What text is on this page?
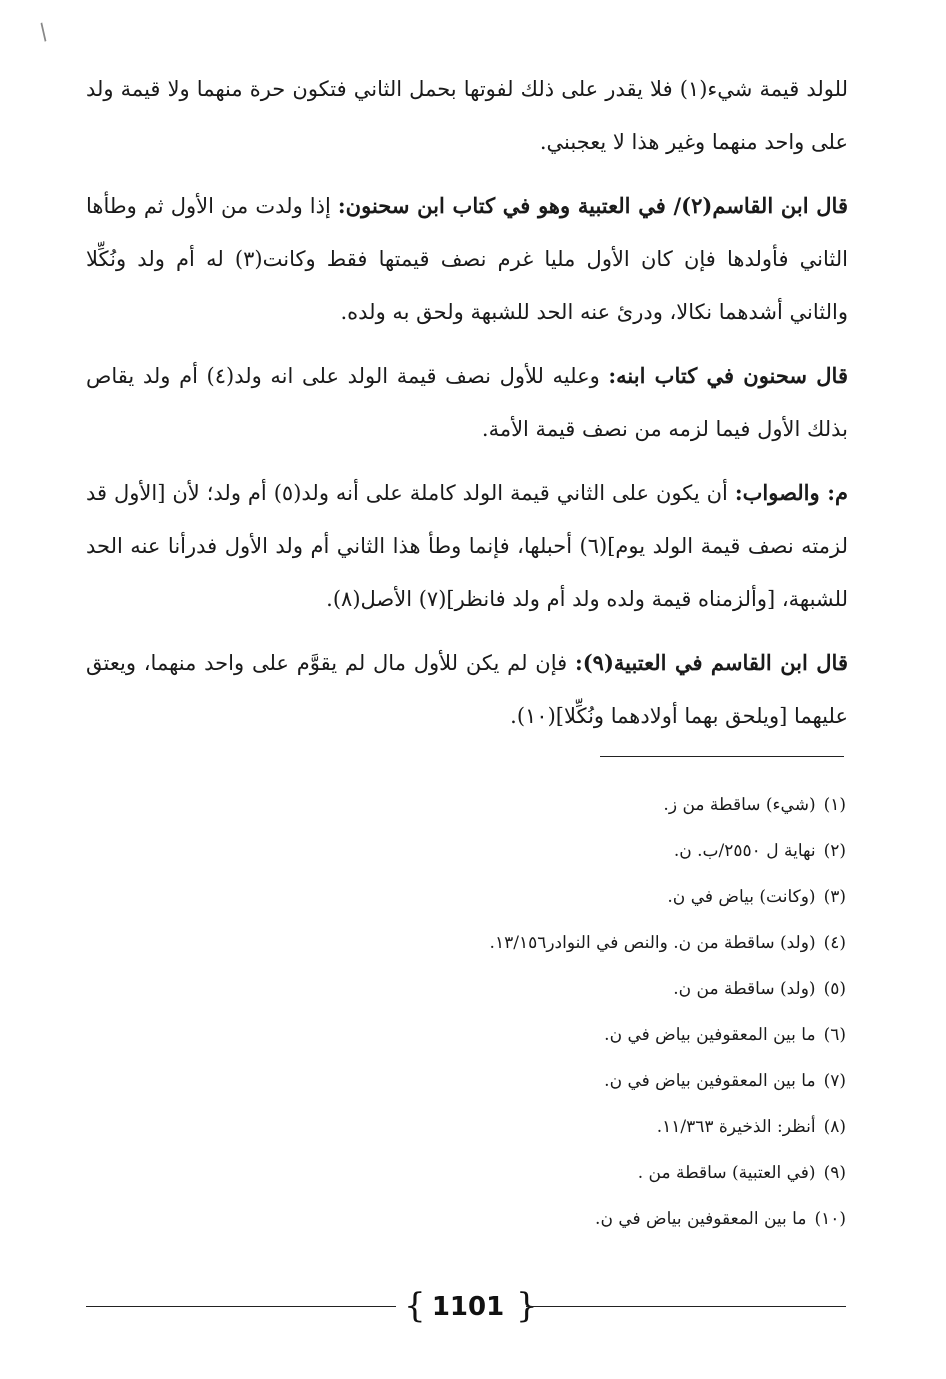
/

للولد قيمة شيء(١) فلا يقدر على ذلك لفوتها بحمل الثاني فتكون حرة منهما ولا قيمة ولد على واحد منهما وغير هذا لا يعجبني.

قال ابن القاسم(٢)/ في العتبية وهو في كتاب ابن سحنون: إذا ولدت من الأول ثم وطأها الثاني فأولدها فإن كان الأول مليا غرم نصف قيمتها فقط وكانت(٣) له أم ولد ونُكِّلا والثاني أشدهما نكالا، ودرئ عنه الحد للشبهة ولحق به ولده.

قال سحنون في كتاب ابنه: وعليه للأول نصف قيمة الولد على انه ولد(٤) أم ولد يقاص بذلك الأول فيما لزمه من نصف قيمة الأمة.

م: والصواب: أن يكون على الثاني قيمة الولد كاملة على أنه ولد(٥) أم ولد؛ لأن [الأول قد لزمته نصف قيمة الولد يوم](٦) أحبلها، فإنما وطأ هذا الثاني أم ولد الأول فدرأنا عنه الحد للشبهة، [وألزمناه قيمة ولده ولد أم ولد فانظر](٧) الأصل(٨).

قال ابن القاسم في العتبية(٩): فإن لم يكن للأول مال لم يقوَّم على واحد منهما، ويعتق عليهما [ويلحق بهما أولادهما ونُكِّلا](١٠).

(١)(شيء) ساقطة من ز.
(٢)نهاية ل ٢٥٥٠/ب. ن.
(٣)(وكانت) بياض في ن.
(٤)(ولد) ساقطة من ن. والنص في النوادر١٣/١٥٦.
(٥)(ولد) ساقطة من ن.
(٦)ما بين المعقوفين بياض في ن.
(٧)ما بين المعقوفين بياض في ن.
(٨)أنظر: الذخيرة ١١/٣٦٣.
(٩)(في العتبية) ساقطة من .
(١٠)ما بين المعقوفين بياض في ن.
{ 1101 }
